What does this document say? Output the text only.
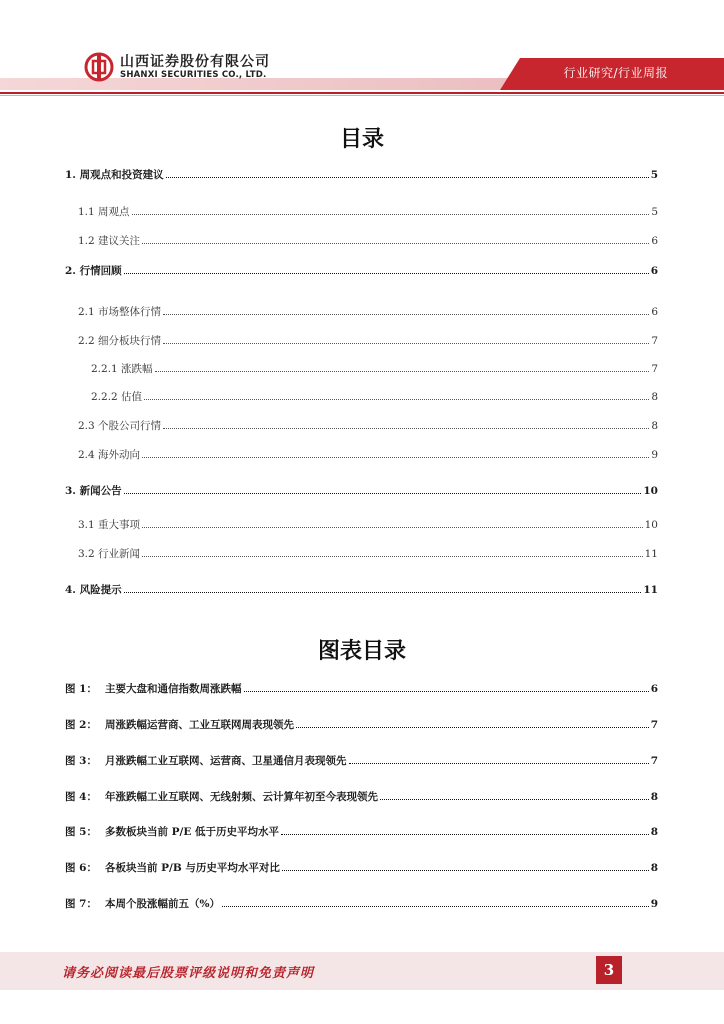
山西证券股份有限公司
SHANXI SECURITIES CO., LTD.	行业研究/行业周报
目录
1. 周观点和投资建议	5
1.1 周观点	5
1.2 建议关注	6
2. 行情回顾	6
2.1 市场整体行情	6
2.2 细分板块行情	7
2.2.1 涨跌幅	7
2.2.2 估值	8
2.3 个股公司行情	8
2.4 海外动向	9
3. 新闻公告	10
3.1 重大事项	10
3.2 行业新闻	11
4. 风险提示	11
图表目录
图 1： 主要大盘和通信指数周涨跌幅	6
图 2： 周涨跌幅运营商、工业互联网周表现领先	7
图 3： 月涨跌幅工业互联网、运营商、卫星通信月表现领先	7
图 4： 年涨跌幅工业互联网、无线射频、云计算年初至今表现领先	8
图 5： 多数板块当前 P/E 低于历史平均水平	8
图 6： 各板块当前 P/B 与历史平均水平对比	8
图 7： 本周个股涨幅前五（%）	9
请务必阅读最后股票评级说明和免责声明	3
